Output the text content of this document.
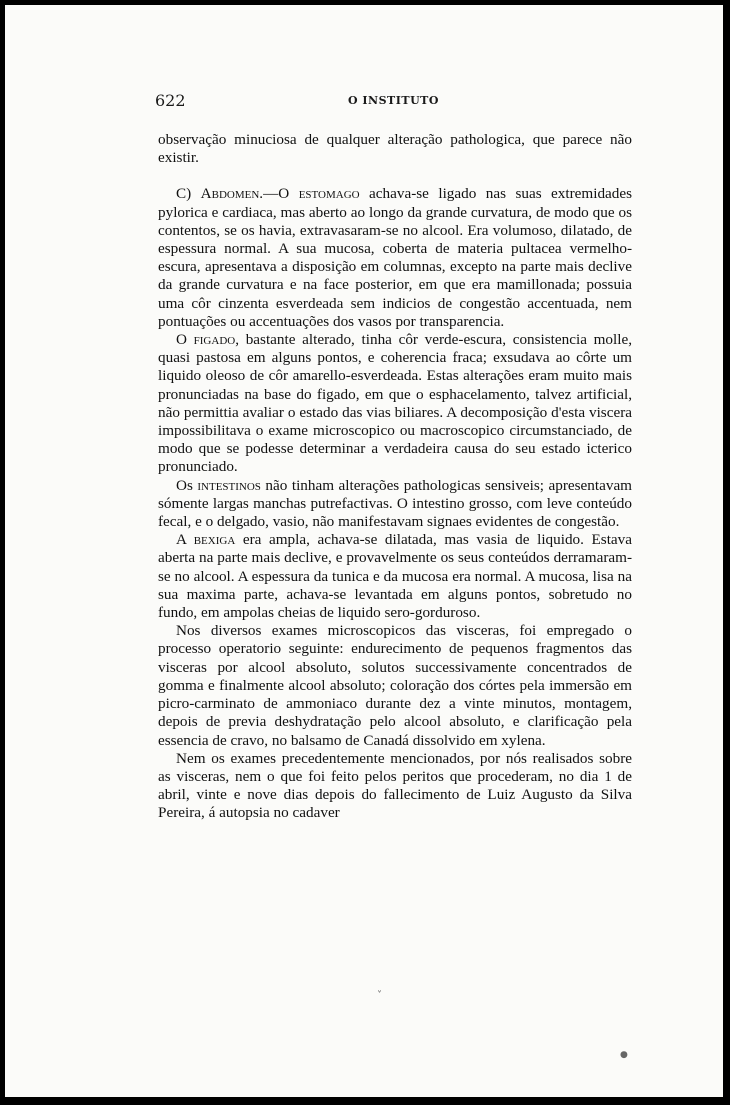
622	O INSTITUTO

observação minuciosa de qualquer alteração pathologica, que parece não existir.

C) Abdomen.—O estomago achava-se ligado nas suas extremidades pylorica e cardiaca, mas aberto ao longo da grande curvatura, de modo que os contentos, se os havia, extravasaram-se no alcool. Era volumoso, dilatado, de espessura normal. A sua mucosa, coberta de materia pultacea vermelho-escura, apresentava a disposição em columnas, excepto na parte mais declive da grande curvatura e na face posterior, em que era mamillonada; possuia uma côr cinzenta esverdeada sem indicios de congestão accentuada, nem pontuações ou accentuações dos vasos por transparencia.

O figado, bastante alterado, tinha côr verde-escura, consistencia molle, quasi pastosa em alguns pontos, e coherencia fraca; exsudava ao côrte um liquido oleoso de côr amarello-esverdeada. Estas alterações eram muito mais pronunciadas na base do figado, em que o esphacelamento, talvez artificial, não permittia avaliar o estado das vias biliares. A decomposição d'esta viscera impossibilitava o exame microscopico ou macroscopico circumstanciado, de modo que se podesse determinar a verdadeira causa do seu estado icterico pronunciado.

Os intestinos não tinham alterações pathologicas sensiveis; apresentavam sómente largas manchas putrefactivas. O intestino grosso, com leve conteúdo fecal, e o delgado, vasio, não manifestavam signaes evidentes de congestão.

A bexiga era ampla, achava-se dilatada, mas vasia de liquido. Estava aberta na parte mais declive, e provavelmente os seus conteúdos derramaram-se no alcool. A espessura da tunica e da mucosa era normal. A mucosa, lisa na sua maxima parte, achava-se levantada em alguns pontos, sobretudo no fundo, em ampolas cheias de liquido sero-gorduroso.

Nos diversos exames microscopicos das visceras, foi empregado o processo operatorio seguinte: endurecimento de pequenos fragmentos das visceras por alcool absoluto, solutos successivamente concentrados de gomma e finalmente alcool absoluto; coloração dos córtes pela immersão em picro-carminato de ammoniaco durante dez a vinte minutos, montagem, depois de previa deshydratação pelo alcool absoluto, e clarificação pela essencia de cravo, no balsamo de Canadá dissolvido em xylena.

Nem os exames precedentemente mencionados, por nós realisados sobre as visceras, nem o que foi feito pelos peritos que procederam, no dia 1 de abril, vinte e nove dias depois do fallecimento de Luiz Augusto da Silva Pereira, á autopsia no cadaver

˅
●
